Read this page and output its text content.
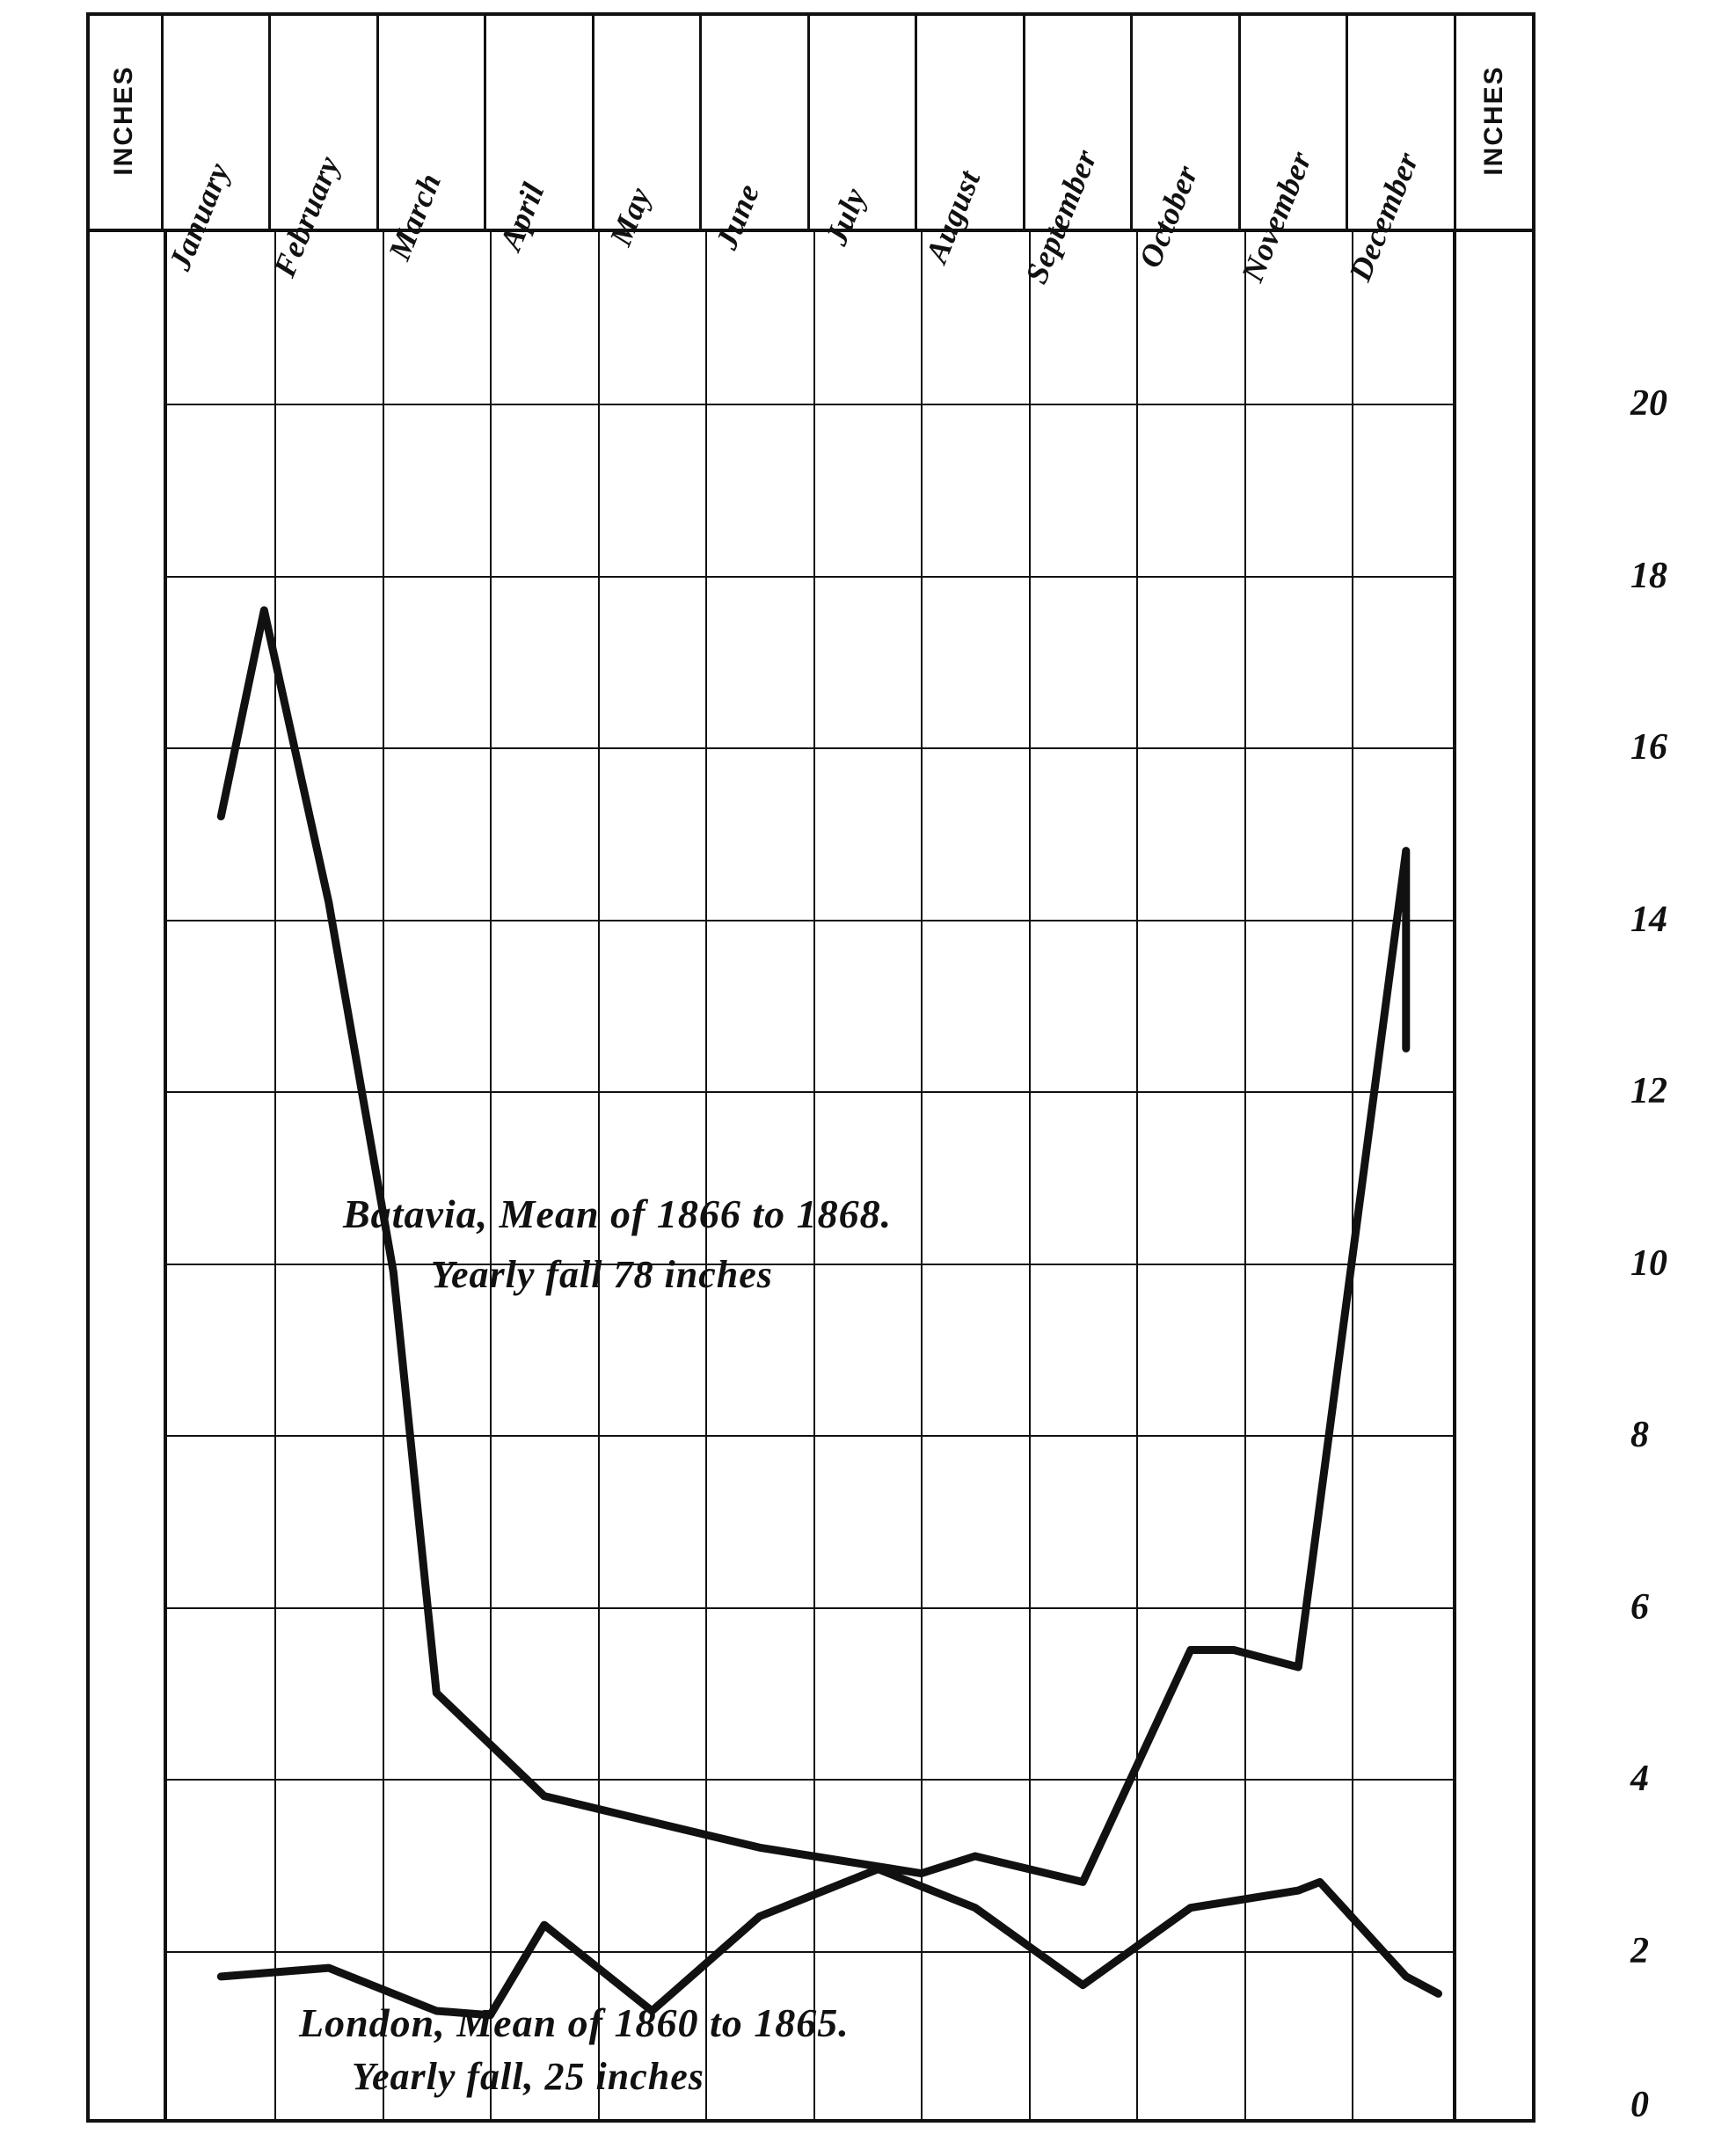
INCHES
January February March April May June July August September October November December
INCHES
20
18
16
14
12
10
8
6
4
2
0
Batavia, Mean of 1866 to 1868.
Yearly fall 78 inches
London, Mean of 1860 to 1865.
Yearly fall, 25 inches
